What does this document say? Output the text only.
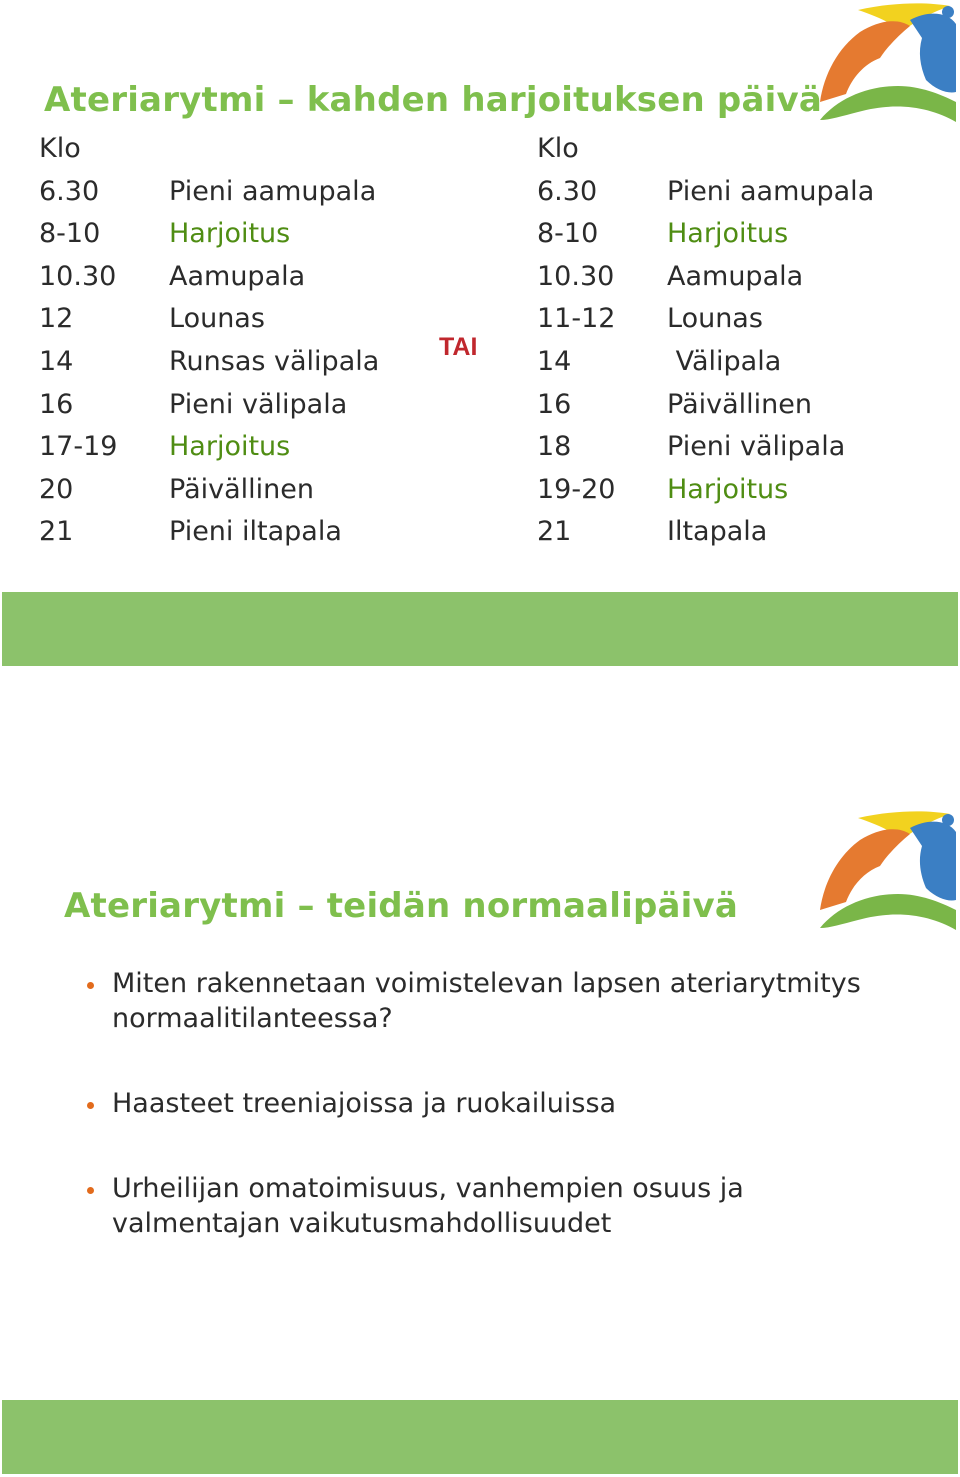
Ateriarytmi – kahden harjoituksen päivä
Klo
6.30	Pieni aamupala
8-10	Harjoitus
10.30	Aamupala
12	Lounas
14	Runsas välipala
16	Pieni välipala
17-19	Harjoitus
20	Päivällinen
21	Pieni iltapala
TAI
Klo
6.30	Pieni aamupala
8-10	Harjoitus
10.30	Aamupala
11-12	Lounas
14	Välipala
16	Päivällinen
18	Pieni välipala
19-20	Harjoitus
21	Iltapala
Ateriarytmi – teidän normaalipäivä
Miten rakennetaan voimistelevan lapsen ateriarytmitys normaalitilanteessa?
Haasteet treeniajoissa ja ruokailuissa
Urheilijan omatoimisuus, vanhempien osuus ja valmentajan vaikutusmahdollisuudet
